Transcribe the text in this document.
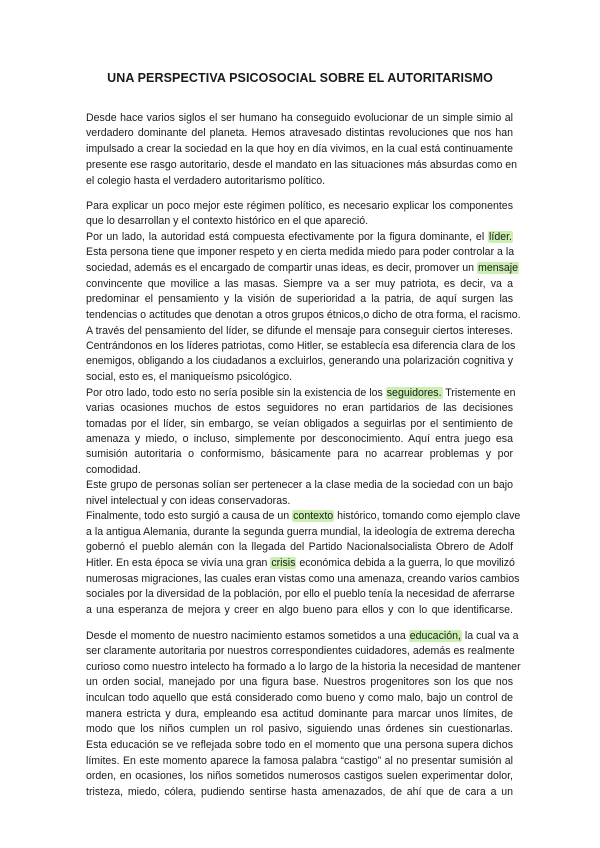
UNA PERSPECTIVA PSICOSOCIAL SOBRE EL AUTORITARISMO

Desde hace varios siglos el ser humano ha conseguido evolucionar de un simple simio al

verdadero dominante del planeta. Hemos atravesado distintas revoluciones que nos han

impulsado a crear la sociedad en la que hoy en día vivimos, en la cual está continuamente

presente ese rasgo autoritario, desde el mandato en las situaciones más absurdas como en

el colegio hasta el verdadero autoritarismo político.

Para explicar un poco mejor este régimen político, es necesario explicar los componentes

que lo desarrollan y el contexto histórico en el que apareció.

Por un lado, la autoridad está compuesta efectivamente por la figura dominante, el líder.

Esta persona tiene que imponer respeto y en cierta medida miedo para poder controlar a la

sociedad, además es el encargado de compartir unas ideas, es decir, promover un mensaje

convincente que movilice a las masas. Siempre va a ser muy patriota, es decir, va a

predominar el pensamiento y la visión de superioridad a la patria, de aquí surgen las

tendencias o actitudes que denotan a otros grupos étnicos,o dicho de otra forma, el racismo.

A través del pensamiento del líder, se difunde el mensaje para conseguir ciertos intereses.

Centrándonos en los líderes patriotas, como Hitler, se establecía esa diferencia clara de los

enemigos, obligando a los ciudadanos a excluirlos, generando una polarización cognitiva y

social, esto es, el maniqueísmo psicológico.

Por otro lado, todo esto no sería posible sin la existencia de los seguidores. Tristemente en

varias ocasiones muchos de estos seguidores no eran partidarios de las decisiones

tomadas por el líder, sin embargo, se veían obligados a seguirlas por el sentimiento de

amenaza y miedo, o incluso, simplemente por desconocimiento. Aquí entra juego esa

sumisión autoritaria o conformismo, básicamente para no acarrear problemas y por

comodidad.

Este grupo de personas solían ser pertenecer a la clase media de la sociedad con un bajo

nivel intelectual y con ideas conservadoras.

Finalmente, todo esto surgió a causa de un contexto histórico, tomando como ejemplo clave

a la antigua Alemania, durante la segunda guerra mundial, la ideología de extrema derecha

gobernó el pueblo alemán con la llegada del Partido Nacionalsocialista Obrero de Adolf

Hitler. En esta época se vivía una gran crisis económica debida a la guerra, lo que movilizó

numerosas migraciones, las cuales eran vistas como una amenaza, creando varios cambios

sociales por la diversidad de la población, por ello el pueblo tenía la necesidad de aferrarse

a una esperanza de mejora y creer en algo bueno para ellos y con lo que identificarse.

Desde el momento de nuestro nacimiento estamos sometidos a una educación, la cual va a

ser claramente autoritaria por nuestros correspondientes cuidadores, además es realmente

curioso como nuestro intelecto ha formado a lo largo de la historia la necesidad de mantener

un orden social, manejado por una figura base. Nuestros progenitores son los que nos

inculcan todo aquello que está considerado como bueno y como malo, bajo un control de

manera estricta y dura, empleando esa actitud dominante para marcar unos límites, de

modo que los niños cumplen un rol pasivo, siguiendo unas órdenes sin cuestionarlas.

Esta educación se ve reflejada sobre todo en el momento que una persona supera dichos

límites. En este momento aparece la famosa palabra “castigo” al no presentar sumisión al

orden, en ocasiones, los niños sometidos numerosos castigos suelen experimentar dolor,

tristeza, miedo, cólera, pudiendo sentirse hasta amenazados, de ahí que de cara a un
